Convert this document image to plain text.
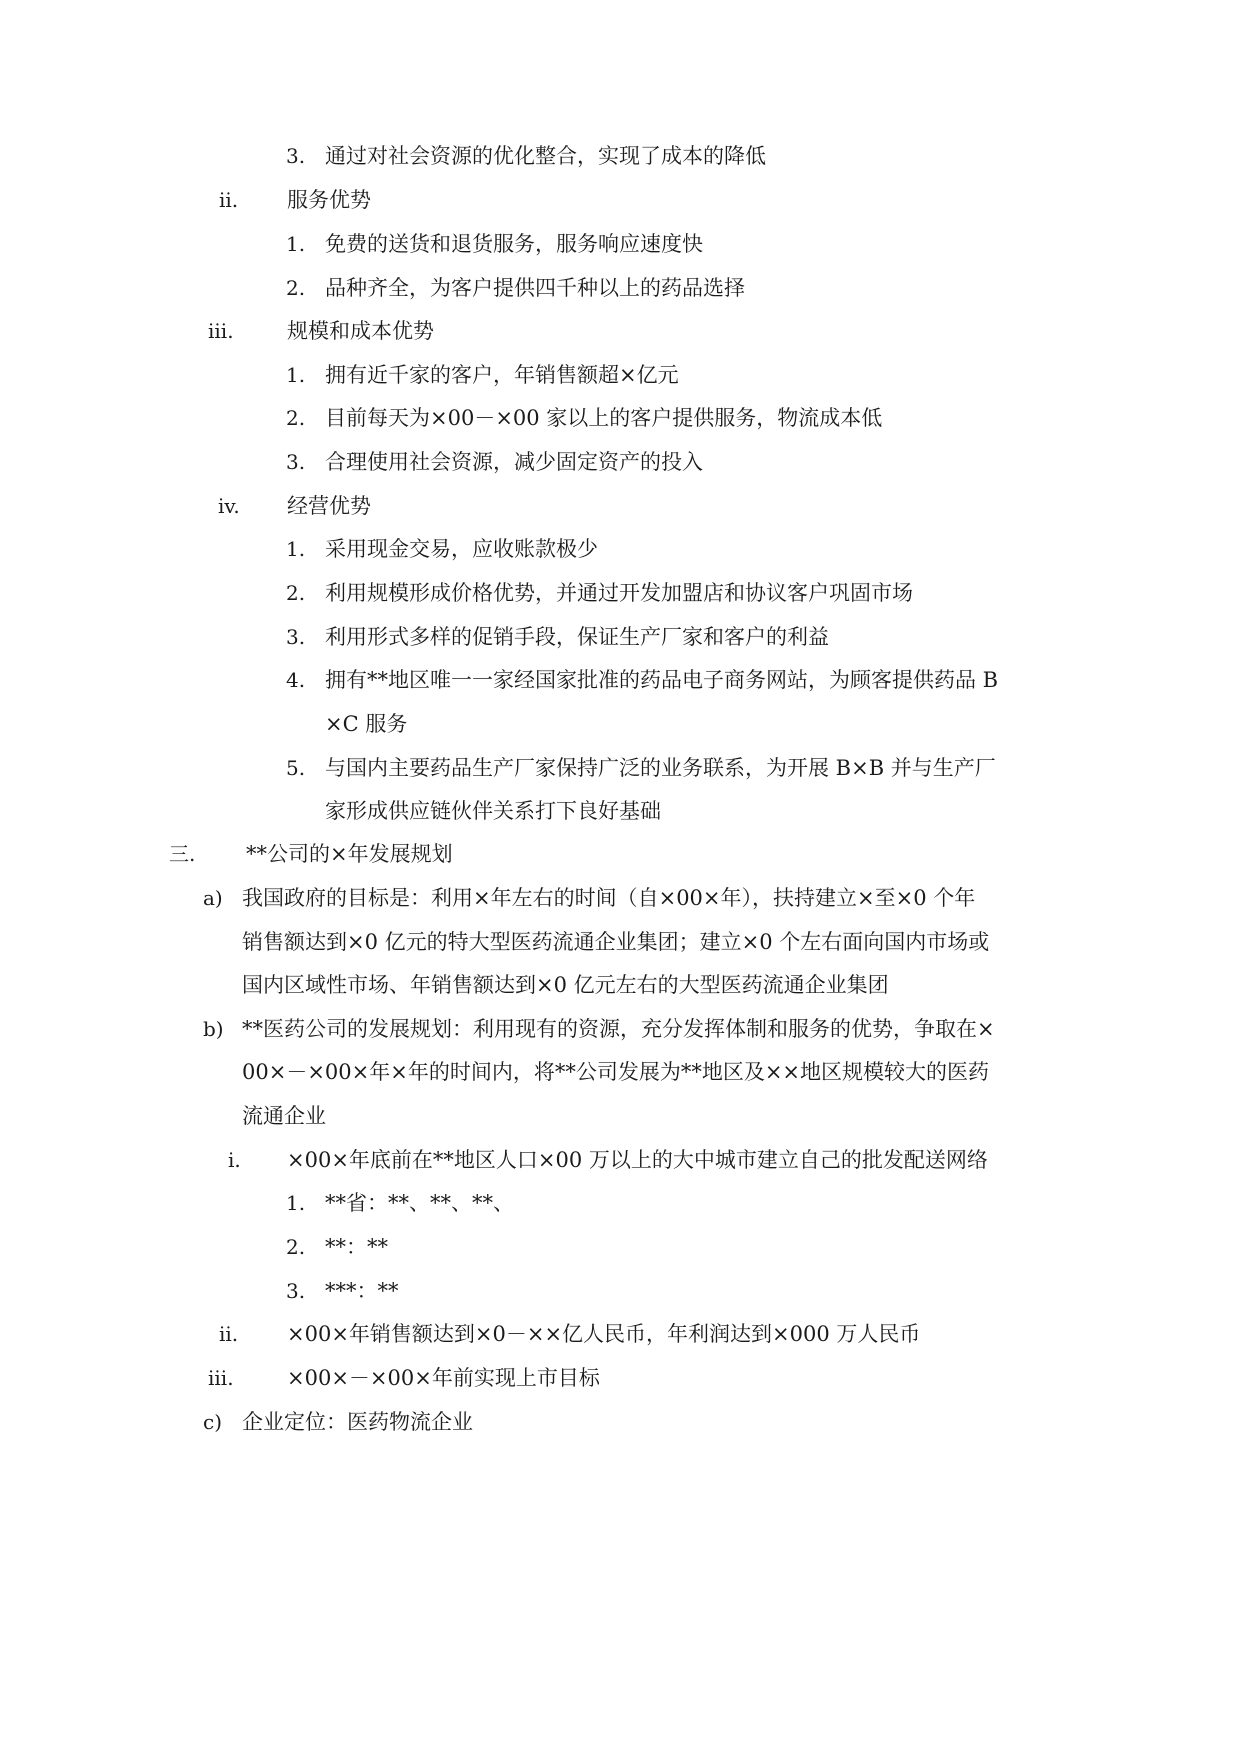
3. 通过对社会资源的优化整合，实现了成本的降低
ii. 服务优势
1. 免费的送货和退货服务，服务响应速度快
2. 品种齐全，为客户提供四千种以上的药品选择
iii.	规模和成本优势
1. 拥有近千家的客户，年销售额超×亿元
2. 目前每天为×00－×00 家以上的客户提供服务，物流成本低
3. 合理使用社会资源，减少固定资产的投入
iv. 经营优势
1. 采用现金交易，应收账款极少
2. 利用规模形成价格优势，并通过开发加盟店和协议客户巩固市场
3. 利用形式多样的促销手段，保证生产厂家和客户的利益
4. 拥有**地区唯一一家经国家批准的药品电子商务网站，为顾客提供药品 B
×C 服务
5. 与国内主要药品生产厂家保持广泛的业务联系，为开展 B×B 并与生产厂
家形成供应链伙伴关系打下良好基础
三. **公司的×年发展规划
a) 我国政府的目标是：利用×年左右的时间（自×00×年），扶持建立×至×0 个年
销售额达到×0 亿元的特大型医药流通企业集团；建立×0 个左右面向国内市场或
国内区域性市场、年销售额达到×0 亿元左右的大型医药流通企业集团
b) **医药公司的发展规划：利用现有的资源，充分发挥体制和服务的优势，争取在×
00×－×00×年×年的时间内，将**公司发展为**地区及××地区规模较大的医药
流通企业
i. ×00×年底前在**地区人口×00 万以上的大中城市建立自己的批发配送网络
1. **省：**、**、**、
2. **：**
3. ***：**
ii. ×00×年销售额达到×0－××亿人民币，年利润达到×000 万人民币
iii.	×00×－×00×年前实现上市目标
c) 企业定位：医药物流企业
